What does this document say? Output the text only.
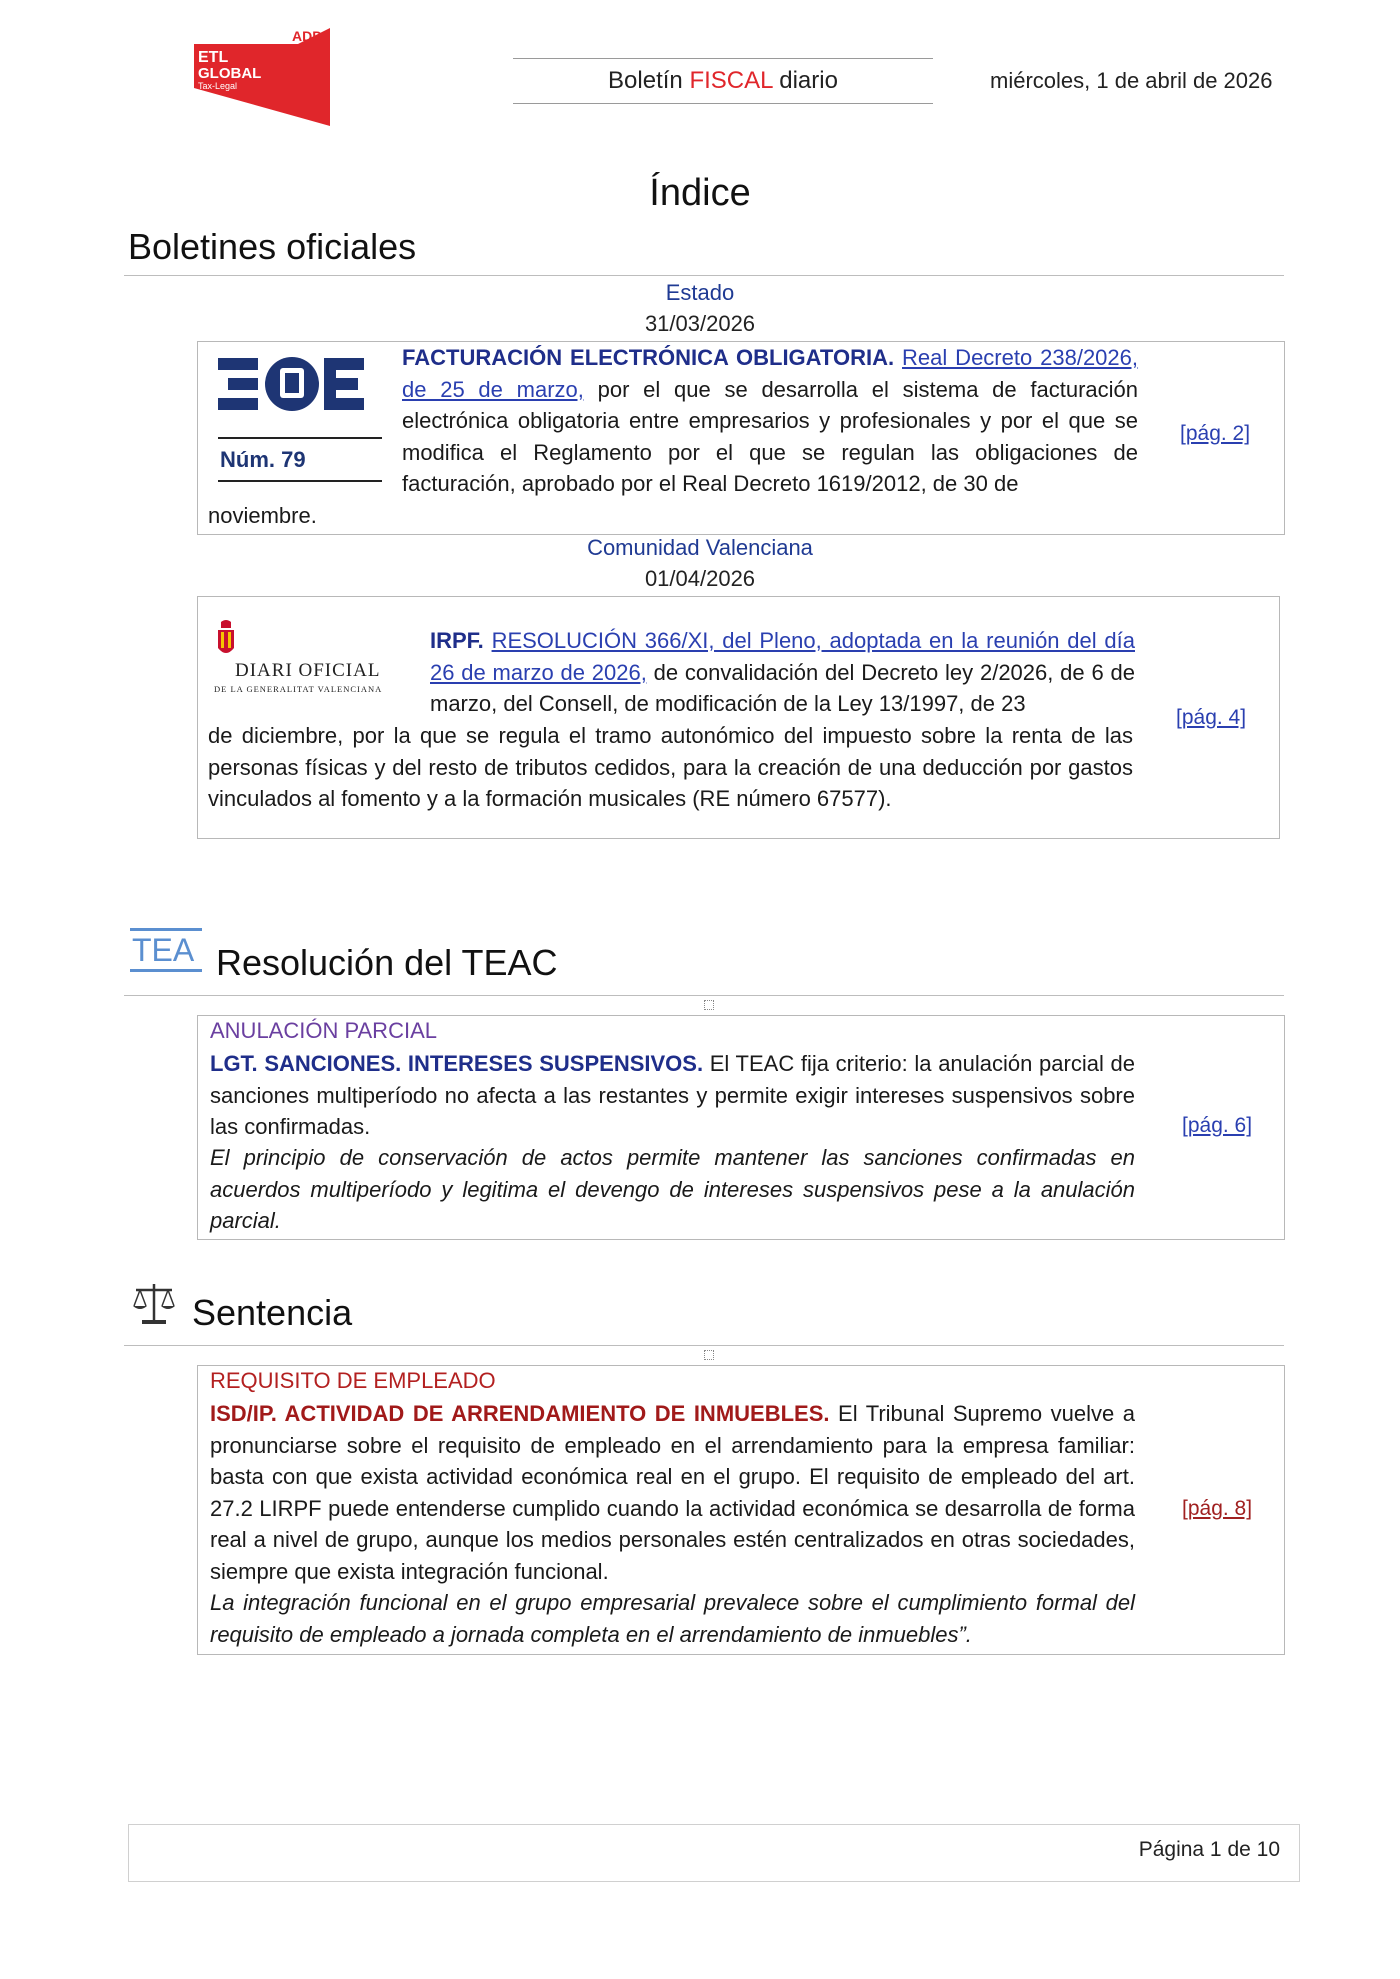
ETL
GLOBAL
Tax-Legal
ADD
Boletín FISCAL diario	miércoles, 1 de abril de 2026
Índice
Boletines oficiales
Estado
31/03/2026
Núm. 79
FACTURACIÓN ELECTRÓNICA OBLIGATORIA. Real Decreto 238/2026, de 25 de marzo, por el que se desarrolla el sistema de facturación electrónica obligatoria entre empresarios y profesionales y por el que se modifica el Reglamento por el que se regulan las obligaciones de facturación, aprobado por el Real Decreto 1619/2012, de 30 de
noviembre.
[pág. 2]
Comunidad Valenciana
01/04/2026
DIARI OFICIAL
DE LA GENERALITAT VALENCIANA
IRPF. RESOLUCIÓN 366/XI, del Pleno, adoptada en la reunión del día 26 de marzo de 2026, de convalidación del Decreto ley 2/2026, de 6 de marzo, del Consell, de modificación de la Ley 13/1997, de 23
de diciembre, por la que se regula el tramo autonómico del impuesto sobre la renta de las personas físicas y del resto de tributos cedidos, para la creación de una deducción por gastos vinculados al fomento y a la formación musicales (RE número 67577).
[pág. 4]
TEA Resolución del TEAC
ANULACIÓN PARCIAL
LGT. SANCIONES. INTERESES SUSPENSIVOS. El TEAC fija criterio: la anulación parcial de sanciones multiperíodo no afecta a las restantes y permite exigir intereses suspensivos sobre las confirmadas.
El principio de conservación de actos permite mantener las sanciones confirmadas en acuerdos multiperíodo y legitima el devengo de intereses suspensivos pese a la anulación parcial.
[pág. 6]
Sentencia
REQUISITO DE EMPLEADO
ISD/IP. ACTIVIDAD DE ARRENDAMIENTO DE INMUEBLES. El Tribunal Supremo vuelve a pronunciarse sobre el requisito de empleado en el arrendamiento para la empresa familiar: basta con que exista actividad económica real en el grupo. El requisito de empleado del art. 27.2 LIRPF puede entenderse cumplido cuando la actividad económica se desarrolla de forma real a nivel de grupo, aunque los medios personales estén centralizados en otras sociedades, siempre que exista integración funcional.
La integración funcional en el grupo empresarial prevalece sobre el cumplimiento formal del requisito de empleado a jornada completa en el arrendamiento de inmuebles”.
[pág. 8]
Página 1 de 10
